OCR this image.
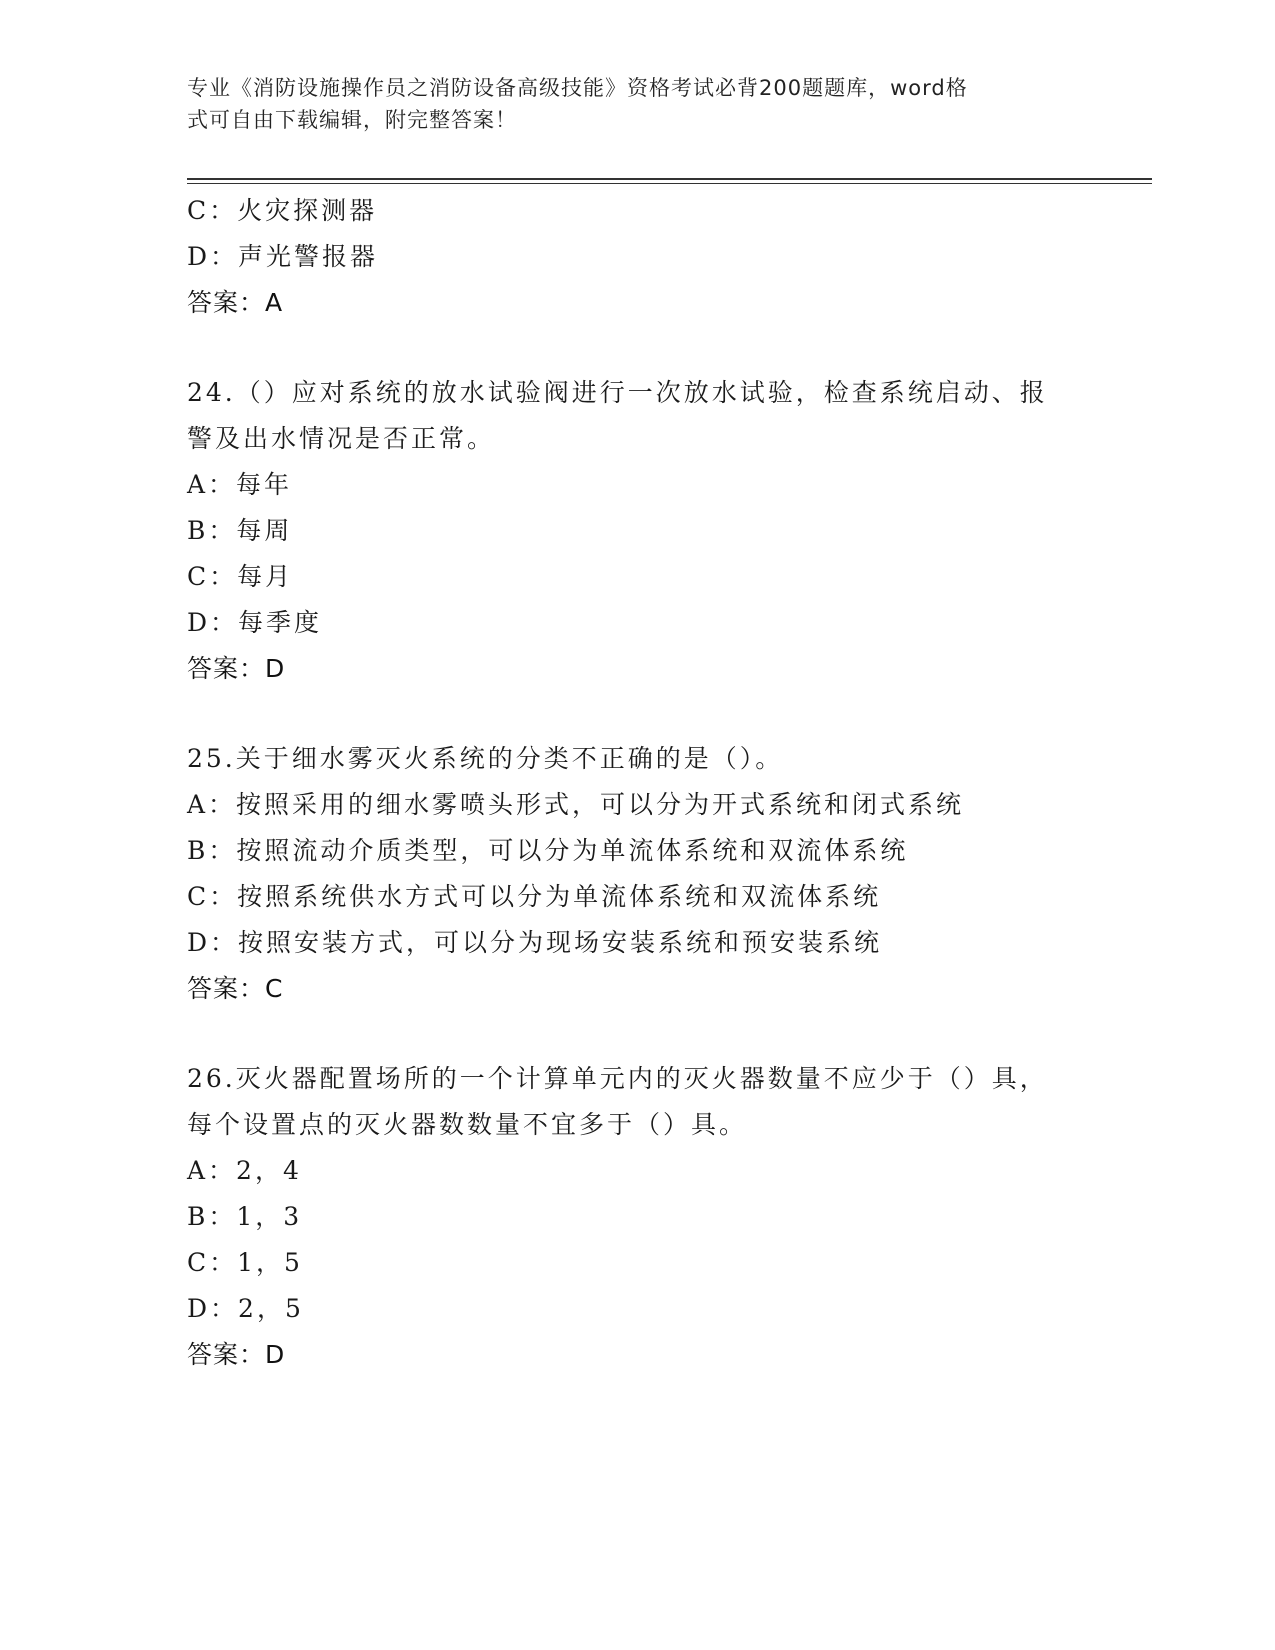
专业《消防设施操作员之消防设备高级技能》资格考试必背200题题库，word格
式可自由下载编辑，附完整答案！
C：火灾探测器
D：声光警报器
答案：A
24.（）应对系统的放水试验阀进行一次放水试验，检查系统启动、报
警及出水情况是否正常。
A：每年
B：每周
C：每月
D：每季度
答案：D
25.关于细水雾灭火系统的分类不正确的是（）。
A：按照采用的细水雾喷头形式，可以分为开式系统和闭式系统
B：按照流动介质类型，可以分为单流体系统和双流体系统
C：按照系统供水方式可以分为单流体系统和双流体系统
D：按照安装方式，可以分为现场安装系统和预安装系统
答案：C
26.灭火器配置场所的一个计算单元内的灭火器数量不应少于（）具，
每个设置点的灭火器数数量不宜多于（）具。
A：2，4
B：1，3
C：1，5
D：2，5
答案：D
